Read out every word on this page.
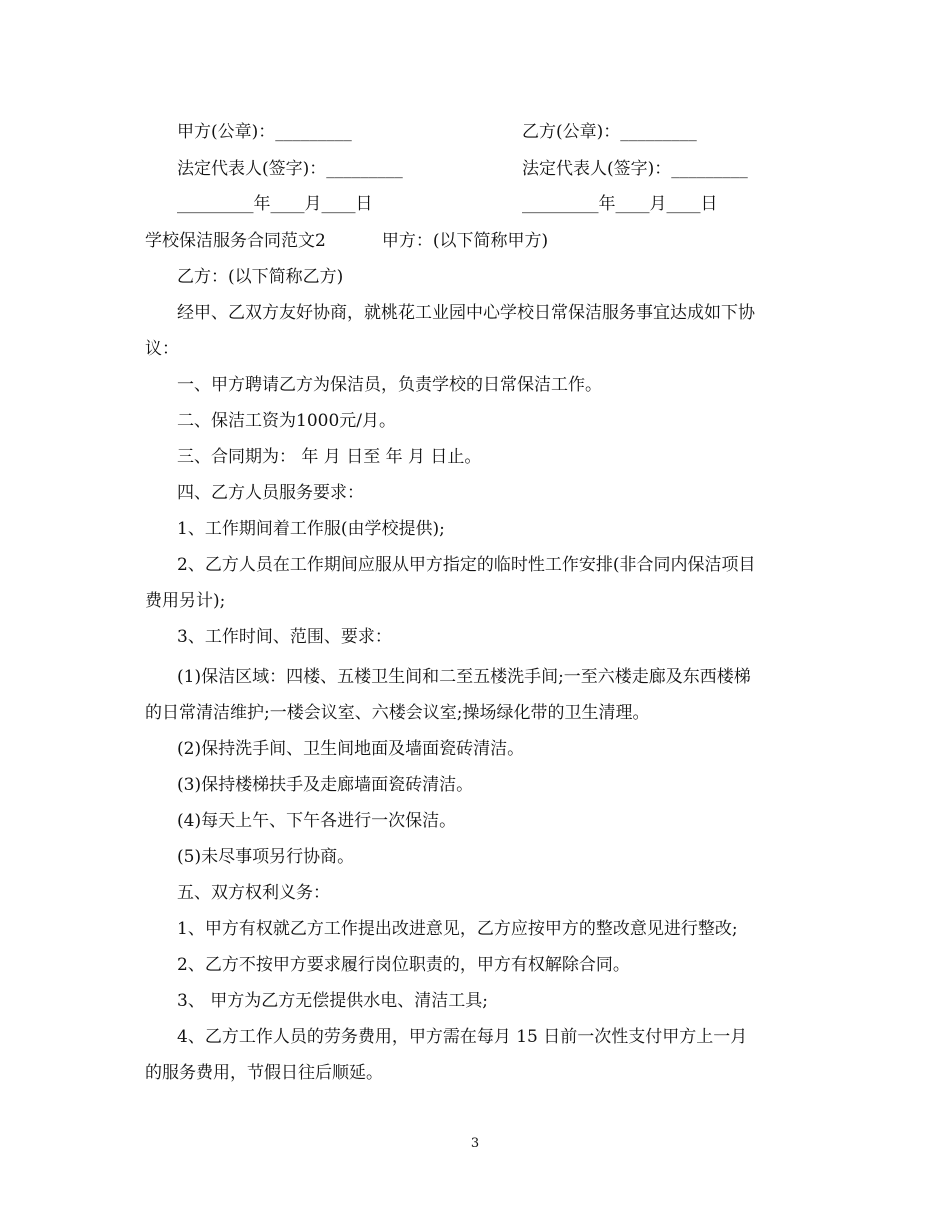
甲方(公章)：_________	乙方(公章)：_________
法定代表人(签字)：_________	法定代表人(签字)：_________
_________年____月____日	_________年____月____日
学校保洁服务合同范文2	甲方：(以下简称甲方)
乙方：(以下简称乙方)
经甲、乙双方友好协商，就桃花工业园中心学校日常保洁服务事宜达成如下协
议：
一、甲方聘请乙方为保洁员，负责学校的日常保洁工作。
二、保洁工资为1000元/月。
三、合同期为： 年 月 日至 年 月 日止。
四、乙方人员服务要求：
1、工作期间着工作服(由学校提供);
2、乙方人员在工作期间应服从甲方指定的临时性工作安排(非合同内保洁项目
费用另计);
3、工作时间、范围、要求：
(1)保洁区域：四楼、五楼卫生间和二至五楼洗手间;一至六楼走廊及东西楼梯
的日常清洁维护;一楼会议室、六楼会议室;操场绿化带的卫生清理。
(2)保持洗手间、卫生间地面及墙面瓷砖清洁。
(3)保持楼梯扶手及走廊墙面瓷砖清洁。
(4)每天上午、下午各进行一次保洁。
(5)未尽事项另行协商。
五、双方权利义务：
1、甲方有权就乙方工作提出改进意见，乙方应按甲方的整改意见进行整改;
2、乙方不按甲方要求履行岗位职责的，甲方有权解除合同。
3、 甲方为乙方无偿提供水电、清洁工具;
4、乙方工作人员的劳务费用，甲方需在每月 15 日前一次性支付甲方上一月
的服务费用，节假日往后顺延。
3
